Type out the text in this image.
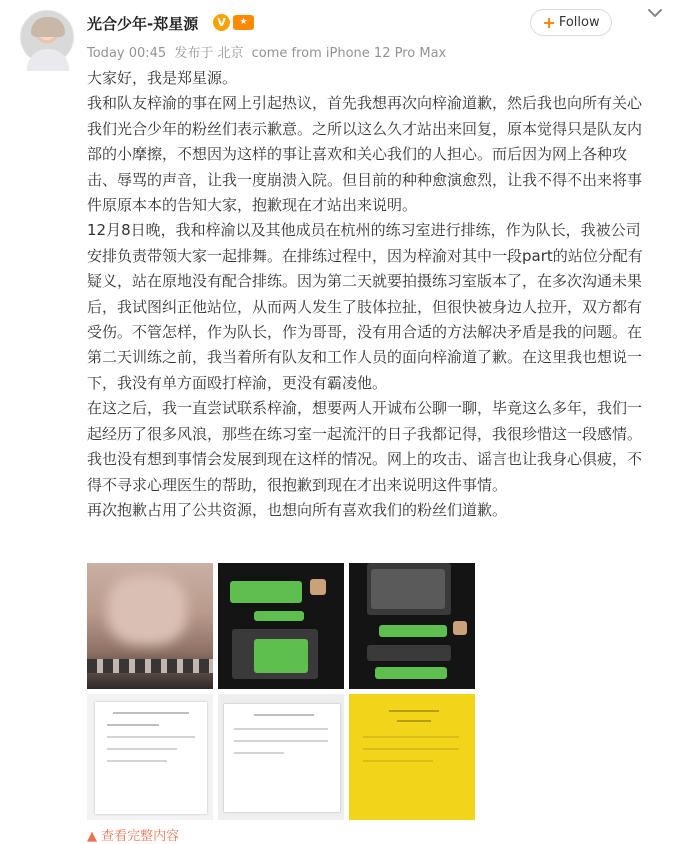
光合少年-郑星源	V	★
Today 00:45 发布于 北京 come from iPhone 12 Pro Max
+ Follow

大家好，我是郑星源。

我和队友梓渝的事在网上引起热议，首先我想再次向梓渝道歉，然后我也向所有关心我们光合少年的粉丝们表示歉意。之所以这么久才站出来回复，原本觉得只是队友内部的小摩擦，不想因为这样的事让喜欢和关心我们的人担心。而后因为网上各种攻击、辱骂的声音，让我一度崩溃入院。但目前的种种愈演愈烈，让我不得不出来将事件原原本本的告知大家，抱歉现在才站出来说明。

12月8日晚，我和梓渝以及其他成员在杭州的练习室进行排练，作为队长，我被公司安排负责带领大家一起排舞。在排练过程中，因为梓渝对其中一段part的站位分配有疑义，站在原地没有配合排练。因为第二天就要拍摄练习室版本了，在多次沟通未果后，我试图纠正他站位，从而两人发生了肢体拉扯，但很快被身边人拉开，双方都有受伤。不管怎样，作为队长，作为哥哥，没有用合适的方法解决矛盾是我的问题。在第二天训练之前，我当着所有队友和工作人员的面向梓渝道了歉。在这里我也想说一下，我没有单方面殴打梓渝，更没有霸凌他。

在这之后，我一直尝试联系梓渝，想要两人开诚布公聊一聊，毕竟这么多年，我们一起经历了很多风浪，那些在练习室一起流汗的日子我都记得，我很珍惜这一段感情。

我也没有想到事情会发展到现在这样的情况。网上的攻击、谣言也让我身心俱疲，不得不寻求心理医生的帮助，很抱歉到现在才出来说明这件事情。

再次抱歉占用了公共资源，也想向所有喜欢我们的粉丝们道歉。

▲ 查看完整内容
